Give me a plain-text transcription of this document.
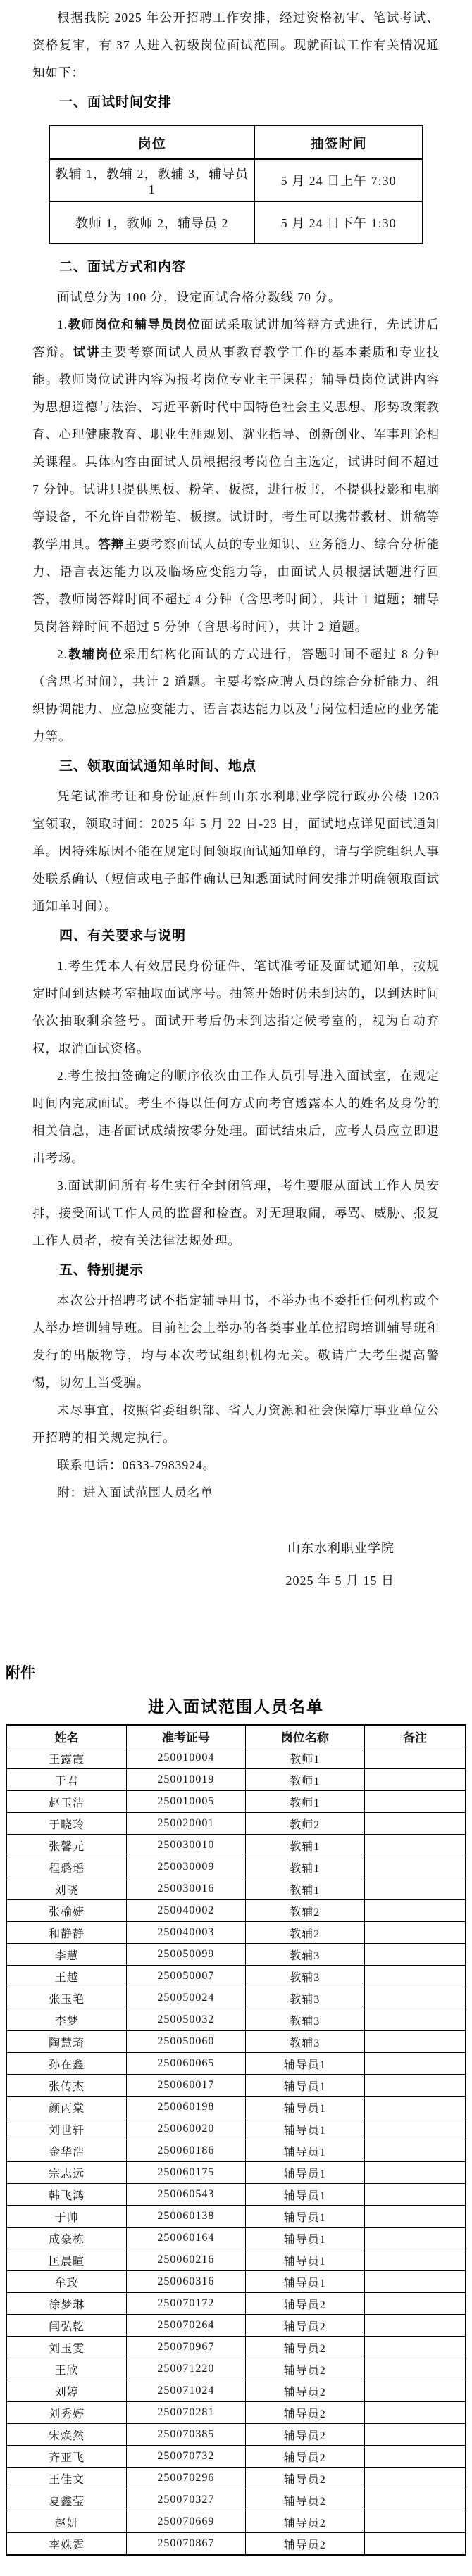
根据我院 2025 年公开招聘工作安排，经过资格初审、笔试考试、资格复审，有 37 人进入初级岗位面试范围。现就面试工作有关情况通知如下：

一、面试时间安排
岗位	抽签时间
教辅 1，教辅 2，教辅 3，辅导员 1	5 月 24 日上午 7:30
教师 1，教师 2，辅导员 2	5 月 24 日下午 1:30
二、面试方式和内容

面试总分为 100 分，设定面试合格分数线 70 分。

1.教师岗位和辅导员岗位面试采取试讲加答辩方式进行，先试讲后答辩。试讲主要考察面试人员从事教育教学工作的基本素质和专业技能。教师岗位试讲内容为报考岗位专业主干课程；辅导员岗位试讲内容为思想道德与法治、习近平新时代中国特色社会主义思想、形势政策教育、心理健康教育、职业生涯规划、就业指导、创新创业、军事理论相关课程。具体内容由面试人员根据报考岗位自主选定，试讲时间不超过 7 分钟。试讲只提供黑板、粉笔、板擦，进行板书，不提供投影和电脑等设备，不允许自带粉笔、板擦。试讲时，考生可以携带教材、讲稿等教学用具。答辩主要考察面试人员的专业知识、业务能力、综合分析能力、语言表达能力以及临场应变能力等，由面试人员根据试题进行回答，教师岗答辩时间不超过 4 分钟（含思考时间），共计 1 道题；辅导员岗答辩时间不超过 5 分钟（含思考时间），共计 2 道题。

2.教辅岗位采用结构化面试的方式进行，答题时间不超过 8 分钟（含思考时间），共计 2 道题。主要考察应聘人员的综合分析能力、组织协调能力、应急应变能力、语言表达能力以及与岗位相适应的业务能力等。

三、领取面试通知单时间、地点

凭笔试准考证和身份证原件到山东水利职业学院行政办公楼 1203 室领取，领取时间：2025 年 5 月 22 日-23 日，面试地点详见面试通知单。因特殊原因不能在规定时间领取面试通知单的，请与学院组织人事处联系确认（短信或电子邮件确认已知悉面试时间安排并明确领取面试通知单时间）。

四、有关要求与说明

1.考生凭本人有效居民身份证件、笔试准考证及面试通知单，按规定时间到达候考室抽取面试序号。抽签开始时仍未到达的，以到达时间依次抽取剩余签号。面试开考后仍未到达指定候考室的，视为自动弃权，取消面试资格。

2.考生按抽签确定的顺序依次由工作人员引导进入面试室，在规定时间内完成面试。考生不得以任何方式向考官透露本人的姓名及身份的相关信息，违者面试成绩按零分处理。面试结束后，应考人员应立即退出考场。

3.面试期间所有考生实行全封闭管理，考生要服从面试工作人员安排，接受面试工作人员的监督和检查。对无理取闹，辱骂、威胁、报复工作人员者，按有关法律法规处理。

五、特别提示

本次公开招聘考试不指定辅导用书，不举办也不委托任何机构或个人举办培训辅导班。目前社会上举办的各类事业单位招聘培训辅导班和发行的出版物等，均与本次考试组织机构无关。敬请广大考生提高警惕，切勿上当受骗。

未尽事宜，按照省委组织部、省人力资源和社会保障厅事业单位公开招聘的相关规定执行。

联系电话：0633-7983924。

附：进入面试范围人员名单

山东水利职业学院
2025 年 5 月 15 日
附件
进入面试范围人员名单
姓名	准考证号	岗位名称	备注
王露霞	250010004	教师1	
于君	250010019	教师1	
赵玉洁	250010005	教师1	
于晓玲	250020001	教师2	
张馨元	250030010	教辅1	
程璐瑶	250030009	教辅1	
刘晓	250030016	教辅1	
张榆婕	250040002	教辅2	
和静静	250040003	教辅2	
李慧	250050099	教辅3	
王越	250050007	教辅3	
张玉艳	250050024	教辅3	
李梦	250050032	教辅3	
陶慧琦	250050060	教辅3	
孙在鑫	250060065	辅导员1	
张传杰	250060017	辅导员1	
颜丙棠	250060198	辅导员1	
刘世轩	250060020	辅导员1	
金华浩	250060186	辅导员1	
宗志远	250060175	辅导员1	
韩飞鸿	250060543	辅导员1	
于帅	250060138	辅导员1	
成豪栋	250060164	辅导员1	
匡晨暄	250060216	辅导员1	
牟政	250060316	辅导员1	
徐梦琳	250070172	辅导员2	
闫弘乾	250070264	辅导员2	
刘玉雯	250070967	辅导员2	
王欣	250071220	辅导员2	
刘婷	250071024	辅导员2	
刘秀婷	250070281	辅导员2	
宋焕然	250070385	辅导员2	
齐亚飞	250070732	辅导员2	
王佳文	250070296	辅导员2	
夏鑫莹	250070327	辅导员2	
赵妍	250070669	辅导员2	
李姝霆	250070867	辅导员2	
